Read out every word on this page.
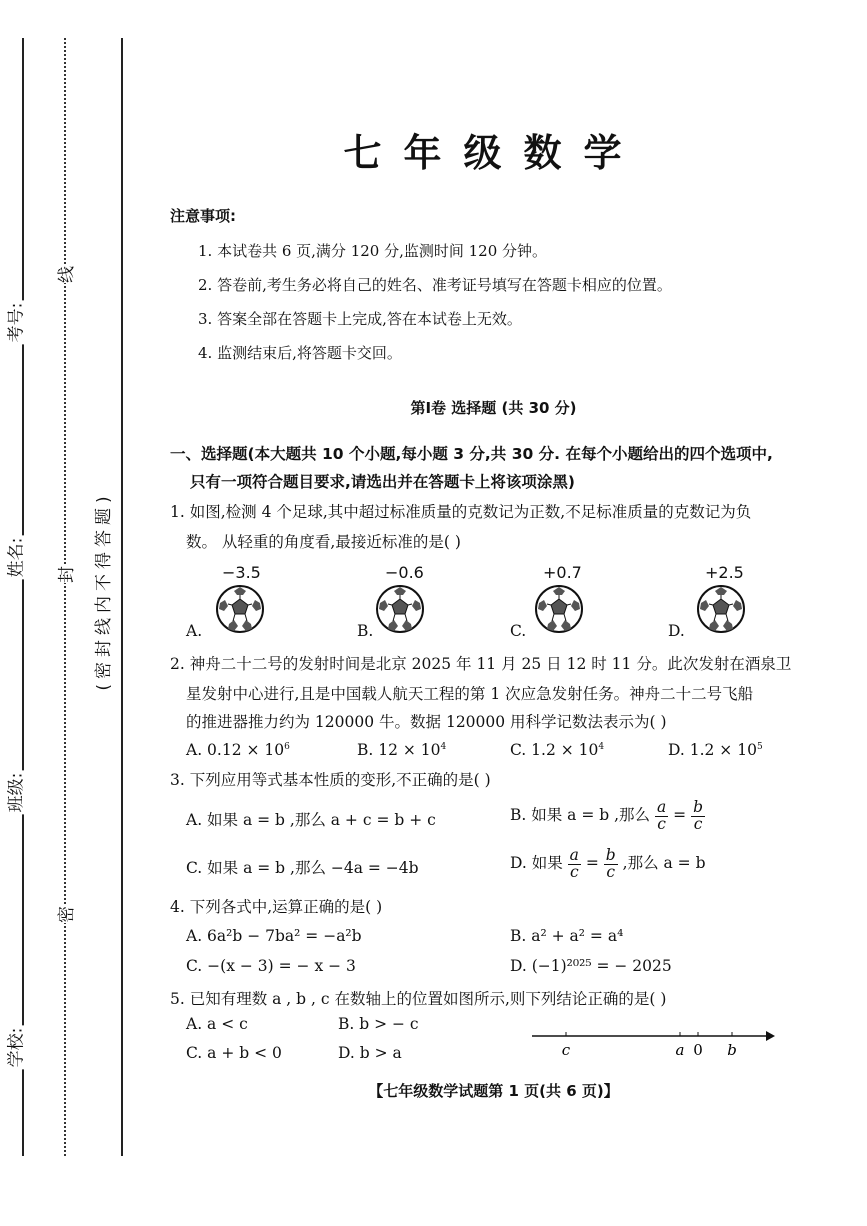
考号:
姓名:
班级:
学校:
线
封
密
(密封线内不得答题)
七年级数学
注意事项:
1. 本试卷共 6 页,满分 120 分,监测时间 120 分钟。
2. 答卷前,考生务必将自己的姓名、准考证号填写在答题卡相应的位置。
3. 答案全部在答题卡上完成,答在本试卷上无效。
4. 监测结束后,将答题卡交回。
第Ⅰ卷 选择题 (共 30 分)
一、选择题(本大题共 10 个小题,每小题 3 分,共 30 分. 在每个小题给出的四个选项中,
只有一项符合题目要求,请选出并在答题卡上将该项涂黑)
1. 如图,检测 4 个足球,其中超过标准质量的克数记为正数,不足标准质量的克数记为负
数。 从轻重的角度看,最接近标准的是( )
−3.5	−0.6	+0.7	+2.5
A.	B.	C.	D.
2. 神舟二十二号的发射时间是北京 2025 年 11 月 25 日 12 时 11 分。此次发射在酒泉卫
星发射中心进行,且是中国载人航天工程的第 1 次应急发射任务。神舟二十二号飞船
的推进器推力约为 120000 牛。数据 120000 用科学记数法表示为( )
A. $0.12 \times 10^6$	B. $12 \times 10^4$	C. $1.2 \times 10^4$	D. $1.2 \times 10^5$
3. 下列应用等式基本性质的变形,不正确的是( )
A. 如果 a = b ,那么 a + c = b + c	B. 如果 a = b ,那么 $\frac{a}{c} = \frac{b}{c}$
C. 如果 a = b ,那么 −4a = −4b	D. 如果 $\frac{a}{c} = \frac{b}{c}$ ,那么 a = b
4. 下列各式中,运算正确的是( )
A. 6a²b − 7ba² = −a²b	B. a² + a² = a⁴
C. −(x − 3) = − x − 3	D. (−1)²⁰²⁵ = − 2025
5. 已知有理数 a , b , c 在数轴上的位置如图所示,则下列结论正确的是( )
A. a < c	B. b > − c
C. a + b < 0	D. b > a	c	a 0 b
【七年级数学试题第 1 页(共 6 页)】
